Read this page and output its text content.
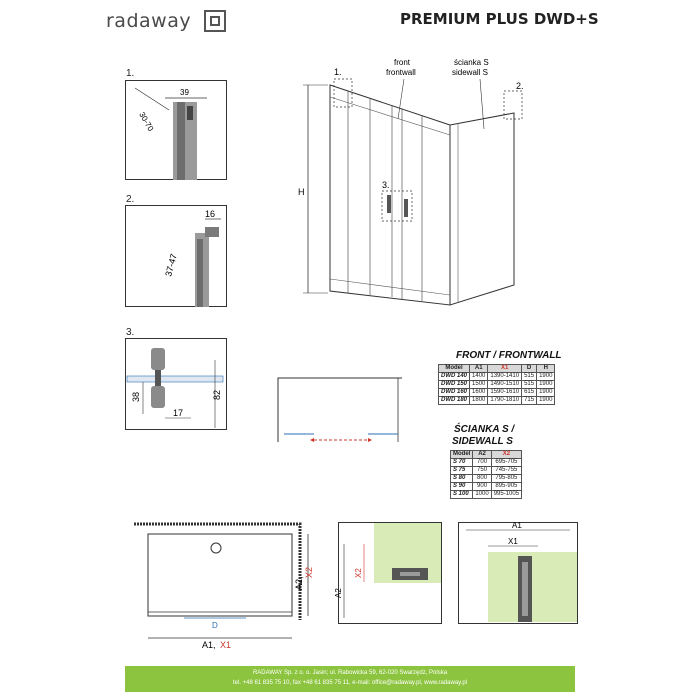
radaway	PREMIUM PLUS DWD+S
1.
30-70
39
2.
16
37-47
3.
38
17
82
H
1.
2.
3.
front
frontwall
ścianka S
sidewall S
FRONT / FRONTWALL
Model	A1	X1	D	H
DWD 140	1400	1390-1410	515	1900
DWD 150	1500	1490-1510	515	1900
DWD 160	1600	1590-1610	615	1900
DWD 180	1800	1790-1810	715	1900
ŚCIANKA S /
SIDEWALL S
Model	A2	X2
S 70	700	695-705
S 75	750	745-755
S 80	800	795-805
S 90	900	895-905
S 100	1000	995-1005
D
A1, X1
A2,
X2
A2
X2
A1
X1
RADAWAY Sp. z o. o. Jasin; ul. Rabowicka 59, 62-020 Swarzędz, Polska
tel. +48 61 835 75 10, fax +48 61 835 75 11, e-mail: office@radaway.pl, www.radaway.pl
